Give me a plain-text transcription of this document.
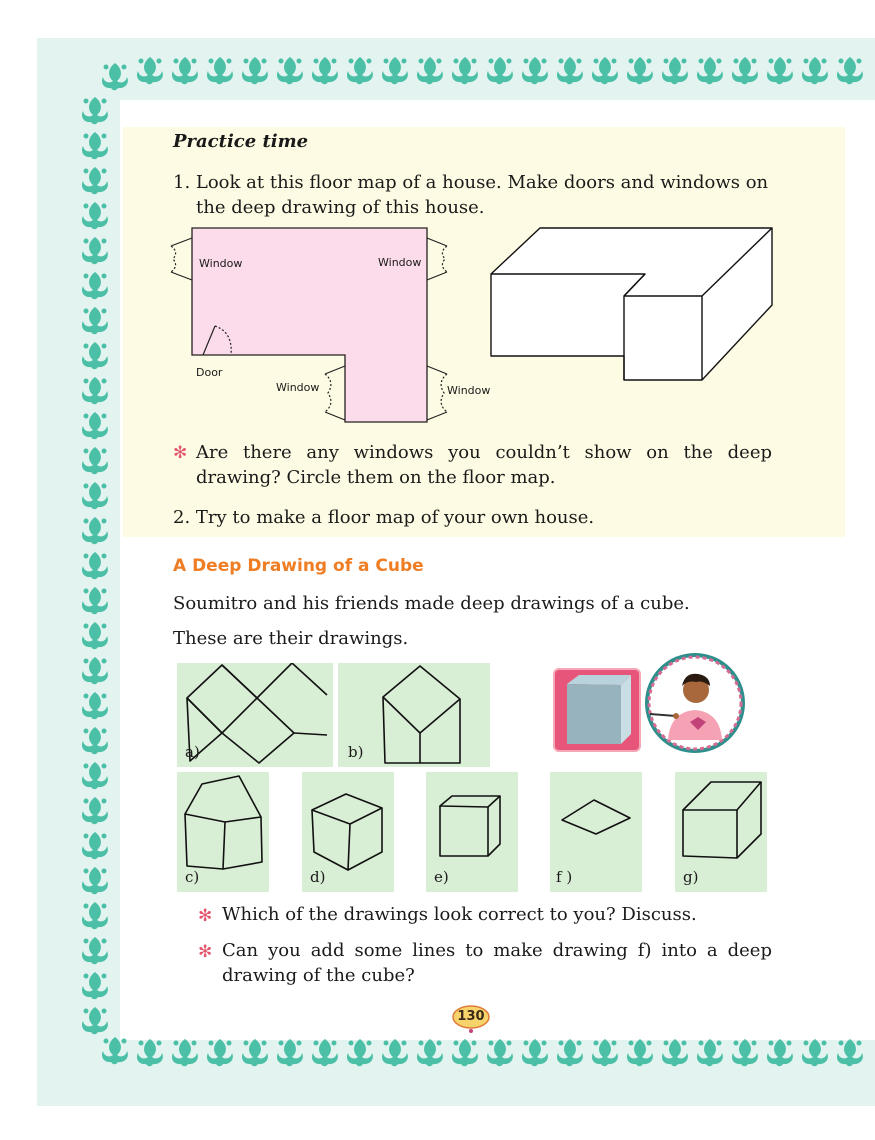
Practice time
1. Look at this floor map of a house. Make doors and windows on
the deep drawing of this house.
Window	Window
Door
Window	Window
✻ Are there any windows you couldn’t show on the deep
drawing? Circle them on the floor map.
2. Try to make a floor map of your own house.
A Deep Drawing of a Cube
Soumitro and his friends made deep drawings of a cube.
These are their drawings.
a)	b)
c)	d)	e)	f )	g)
✻ Which of the drawings look correct to you? Discuss.
✻ Can you add some lines to make drawing f) into a deep
drawing of the cube?
130
